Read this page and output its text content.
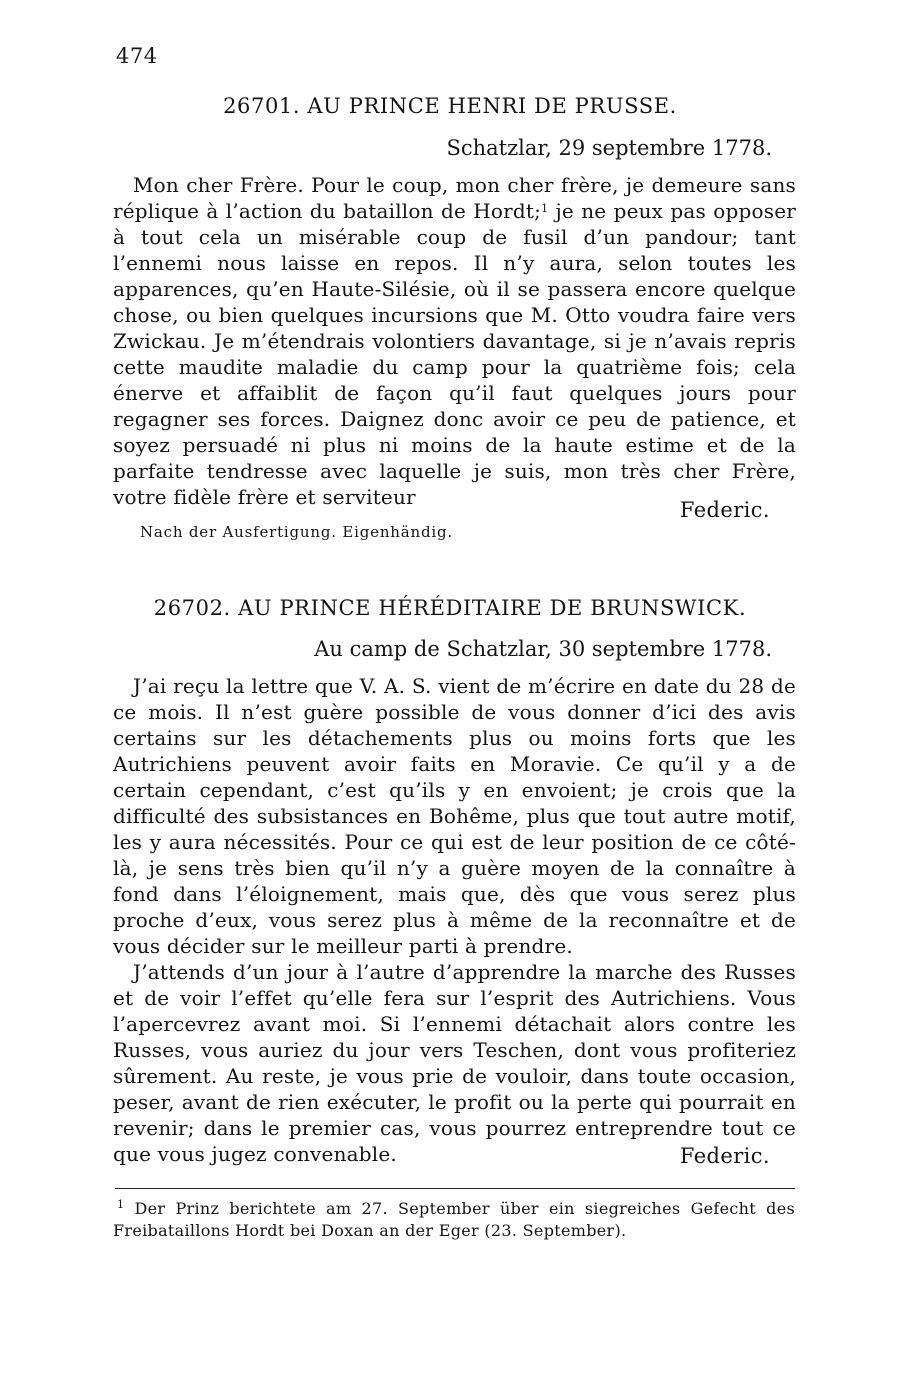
474
26701. AU PRINCE HENRI DE PRUSSE.
Schatzlar, 29 septembre 1778.

Mon cher Frère. Pour le coup, mon cher frère, je demeure sans réplique à l’action du bataillon de Hordt;$^1$ je ne peux pas opposer à tout cela un misérable coup de fusil d’un pandour; tant l’ennemi nous laisse en repos. Il n’y aura, selon toutes les apparences, qu’en Haute-Silésie, où il se passera encore quelque chose, ou bien quelques incursions que M. Otto voudra faire vers Zwickau. Je m’étendrais volontiers davantage, si je n’avais repris cette maudite maladie du camp pour la quatrième fois; cela énerve et affaiblit de façon qu’il faut quelques jours pour regagner ses forces. Daignez donc avoir ce peu de patience, et soyez persuadé ni plus ni moins de la haute estime et de la parfaite tendresse avec laquelle je suis, mon très cher Frère, votre fidèle frère et serviteur

Federic.
Nach der Ausfertigung. Eigenhändig.
26702. AU PRINCE HÉRÉDITAIRE DE BRUNSWICK.
Au camp de Schatzlar, 30 septembre 1778.

J’ai reçu la lettre que V. A. S. vient de m’écrire en date du 28 de ce mois. Il n’est guère possible de vous donner d’ici des avis certains sur les détachements plus ou moins forts que les Autrichiens peuvent avoir faits en Moravie. Ce qu’il y a de certain cependant, c’est qu’ils y en envoient; je crois que la difficulté des subsistances en Bohême, plus que tout autre motif, les y aura nécessités. Pour ce qui est de leur position de ce côté-là, je sens très bien qu’il n’y a guère moyen de la connaître à fond dans l’éloignement, mais que, dès que vous serez plus proche d’eux, vous serez plus à même de la reconnaître et de vous décider sur le meilleur parti à prendre.

J’attends d’un jour à l’autre d’apprendre la marche des Russes et de voir l’effet qu’elle fera sur l’esprit des Autrichiens. Vous l’apercevrez avant moi. Si l’ennemi détachait alors contre les Russes, vous auriez du jour vers Teschen, dont vous profiteriez sûrement. Au reste, je vous prie de vouloir, dans toute occasion, peser, avant de rien exécuter, le profit ou la perte qui pourrait en revenir; dans le premier cas, vous pourrez entreprendre tout ce que vous jugez convenable.	Federic.

$^1$ Der Prinz berichtete am 27. September über ein siegreiches Gefecht des Freibataillons Hordt bei Doxan an der Eger (23. September).
